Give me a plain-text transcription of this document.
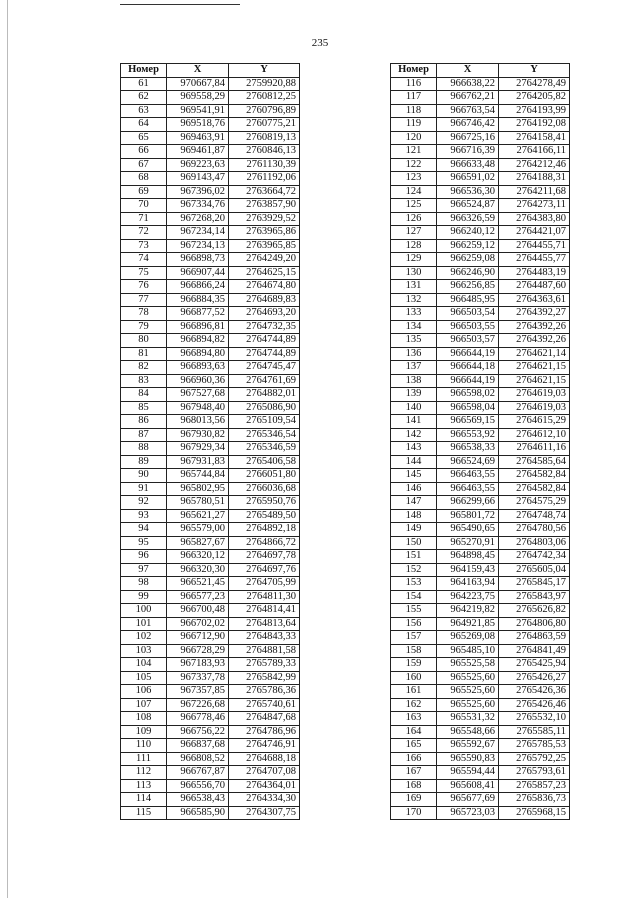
235
Номер	X	Y
61	970667,84	2759920,88
62	969558,29	2760812,25
63	969541,91	2760796,89
64	969518,76	2760775,21
65	969463,91	2760819,13
66	969461,87	2760846,13
67	969223,63	2761130,39
68	969143,47	2761192,06
69	967396,02	2763664,72
70	967334,76	2763857,90
71	967268,20	2763929,52
72	967234,14	2763965,86
73	967234,13	2763965,85
74	966898,73	2764249,20
75	966907,44	2764625,15
76	966866,24	2764674,80
77	966884,35	2764689,83
78	966877,52	2764693,20
79	966896,81	2764732,35
80	966894,82	2764744,89
81	966894,80	2764744,89
82	966893,63	2764745,47
83	966960,36	2764761,69
84	967527,68	2764882,01
85	967948,40	2765086,90
86	968013,56	2765109,54
87	967930,82	2765346,54
88	967929,34	2765346,59
89	967931,83	2765406,58
90	965744,84	2766051,80
91	965802,95	2766036,68
92	965780,51	2765950,76
93	965621,27	2765489,50
94	965579,00	2764892,18
95	965827,67	2764866,72
96	966320,12	2764697,78
97	966320,30	2764697,76
98	966521,45	2764705,99
99	966577,23	2764811,30
100	966700,48	2764814,41
101	966702,02	2764813,64
102	966712,90	2764843,33
103	966728,29	2764881,58
104	967183,93	2765789,33
105	967337,78	2765842,99
106	967357,85	2765786,36
107	967226,68	2765740,61
108	966778,46	2764847,68
109	966756,22	2764786,96
110	966837,68	2764746,91
111	966808,52	2764688,18
112	966767,87	2764707,08
113	966556,70	2764364,01
114	966538,43	2764334,30
115	966585,90	2764307,75
Номер	X	Y
116	966638,22	2764278,49
117	966762,21	2764205,82
118	966763,54	2764193,99
119	966746,42	2764192,08
120	966725,16	2764158,41
121	966716,39	2764166,11
122	966633,48	2764212,46
123	966591,02	2764188,31
124	966536,30	2764211,68
125	966524,87	2764273,11
126	966326,59	2764383,80
127	966240,12	2764421,07
128	966259,12	2764455,71
129	966259,08	2764455,77
130	966246,90	2764483,19
131	966256,85	2764487,60
132	966485,95	2764363,61
133	966503,54	2764392,27
134	966503,55	2764392,26
135	966503,57	2764392,26
136	966644,19	2764621,14
137	966644,18	2764621,15
138	966644,19	2764621,15
139	966598,02	2764619,03
140	966598,04	2764619,03
141	966569,15	2764615,29
142	966553,92	2764612,10
143	966538,33	2764611,16
144	966524,69	2764585,64
145	966463,55	2764582,84
146	966463,55	2764582,84
147	966299,66	2764575,29
148	965801,72	2764748,74
149	965490,65	2764780,56
150	965270,91	2764803,06
151	964898,45	2764742,34
152	964159,43	2765605,04
153	964163,94	2765845,17
154	964223,75	2765843,97
155	964219,82	2765626,82
156	964921,85	2764806,80
157	965269,08	2764863,59
158	965485,10	2764841,49
159	965525,58	2765425,94
160	965525,60	2765426,27
161	965525,60	2765426,36
162	965525,60	2765426,46
163	965531,32	2765532,10
164	965548,66	2765585,11
165	965592,67	2765785,53
166	965590,83	2765792,25
167	965594,44	2765793,61
168	965608,41	2765857,23
169	965677,69	2765836,73
170	965723,03	2765968,15
